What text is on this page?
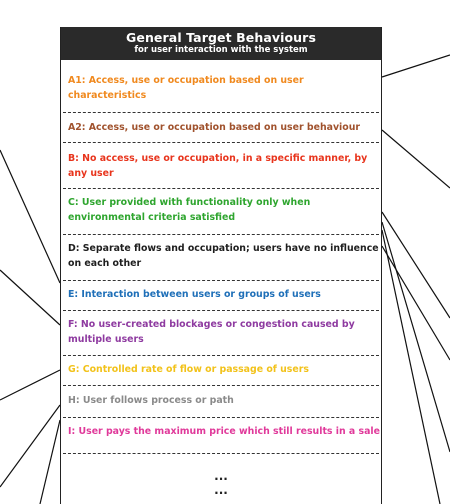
General Target Behaviours
for user interaction with the system
A1: Access, use or occupation based on user
characteristics
A2: Access, use or occupation based on user behaviour
B: No access, use or occupation, in a specific manner, by
any user
C: User provided with functionality only when
environmental criteria satisfied
D: Separate flows and occupation; users have no influence
on each other
E: Interaction between users or groups of users
F: No user-created blockages or congestion caused by
multiple users
G: Controlled rate of flow or passage of users
H: User follows process or path
I: User pays the maximum price which still results in a sale
...
...
